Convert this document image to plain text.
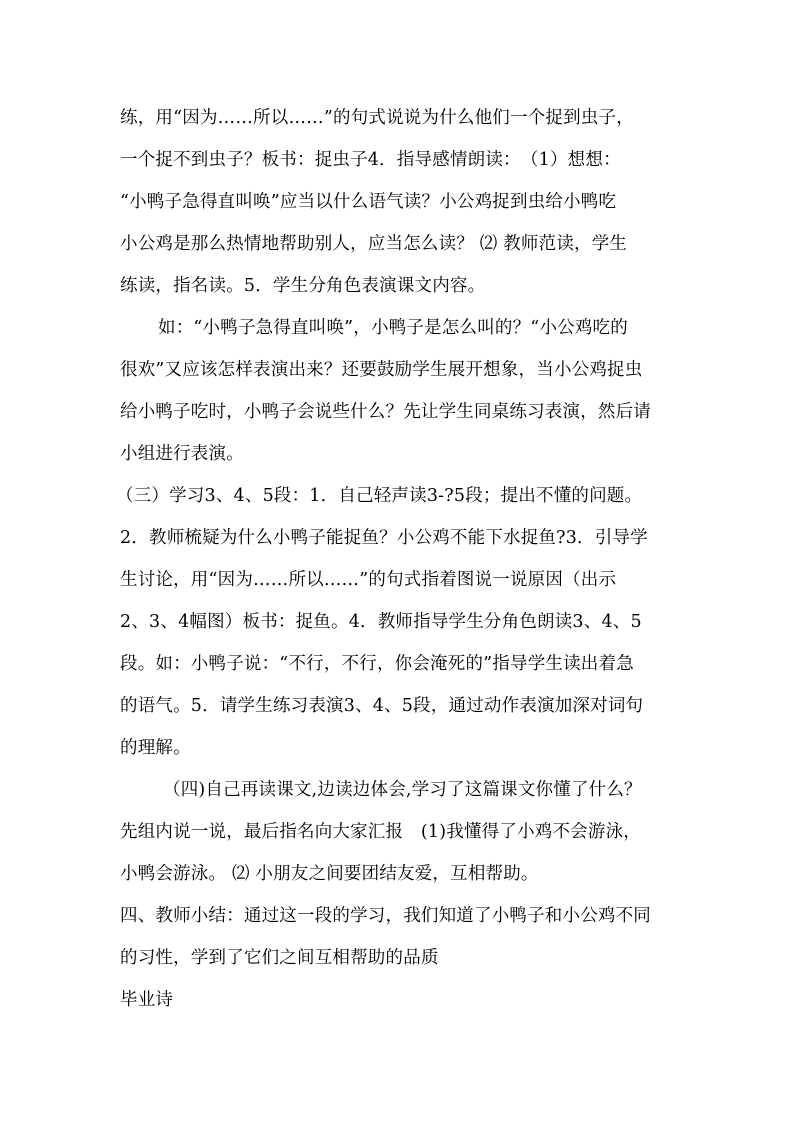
练，用“因为……所以……”的句式说说为什么他们一个捉到虫子，
一个捉不到虫子？板书：捉虫子4．指导感情朗读：　（1）想想：
“小鸭子急得直叫唤”应当以什么语气读？小公鸡捉到虫给小鸭吃
小公鸡是那么热情地帮助别人，应当怎么读？ ⑵ 教师范读，学生
练读，指名读。5．学生分角色表演课文内容。
如：“小鸭子急得直叫唤”，小鸭子是怎么叫的？“小公鸡吃的
很欢”又应该怎样表演出来？还要鼓励学生展开想象，当小公鸡捉虫
给小鸭子吃时，小鸭子会说些什么？先让学生同桌练习表演，然后请
小组进行表演。
（三）学习3、4、5段：1．自己轻声读3-?5段；提出不懂的问题。
2．教师梳疑为什么小鸭子能捉鱼？小公鸡不能下水捉鱼?3．引导学
生讨论，用“因为……所以……”的句式指着图说一说原因（出示
2、3、4幅图）板书：捉鱼。4．教师指导学生分角色朗读3、4、5
段。如：小鸭子说：“不行，不行，你会淹死的”指导学生读出着急
的语气。5．请学生练习表演3、4、5段，通过动作表演加深对词句
的理解。
（四)自己再读课文,边读边体会,学习了这篇课文你懂了什么？
先组内说一说，最后指名向大家汇报　(1)我懂得了小鸡不会游泳，
小鸭会游泳。 ⑵ 小朋友之间要团结友爱，互相帮助。
四、教师小结：通过这一段的学习，我们知道了小鸭子和小公鸡不同
的习性，学到了它们之间互相帮助的品质
毕业诗
